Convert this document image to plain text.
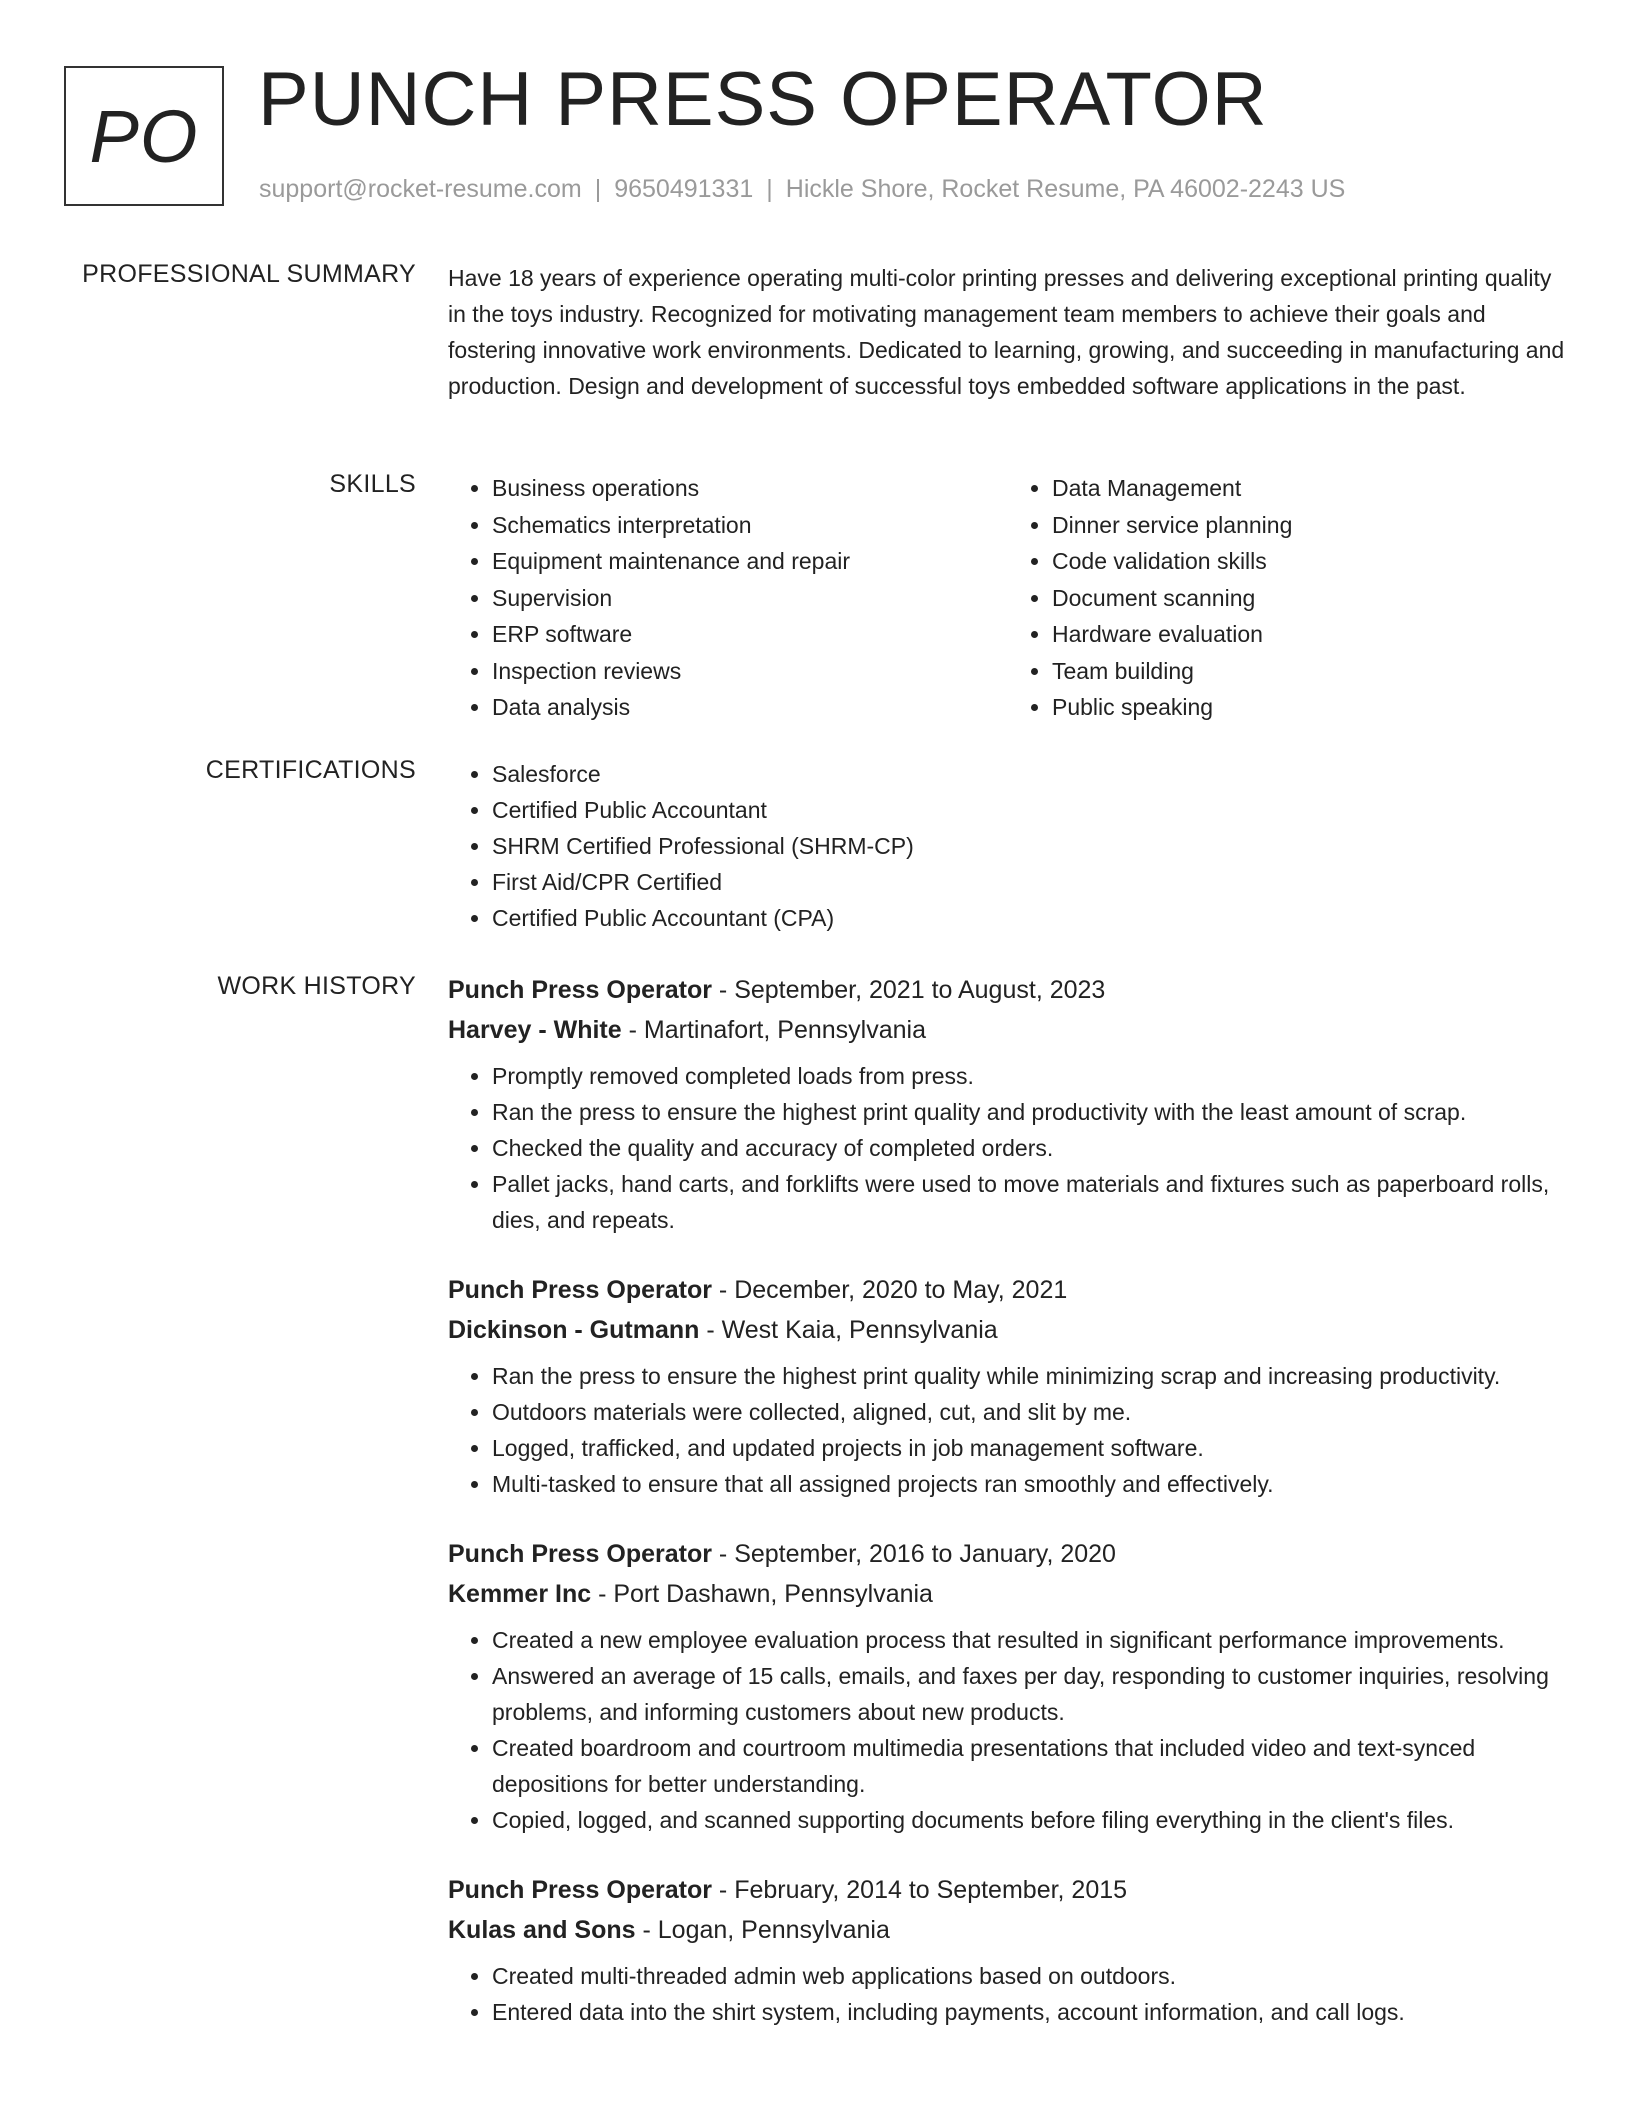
PO PUNCH PRESS OPERATOR
support@rocket-resume.com | 9650491331 | Hickle Shore, Rocket Resume, PA 46002-2243 US
PROFESSIONAL SUMMARY Have 18 years of experience operating multi-color printing presses and delivering exceptional printing quality in the toys industry. Recognized for motivating management team members to achieve their goals and fostering innovative work environments. Dedicated to learning, growing, and succeeding in manufacturing and production. Design and development of successful toys embedded software applications in the past.

SKILLS	• Business operations
• Schematics interpretation
• Equipment maintenance and repair
• Supervision
• ERP software
• Inspection reviews
• Data analysis
• Data Management
• Dinner service planning
• Code validation skills
• Document scanning
• Hardware evaluation
• Team building
• Public speaking
CERTIFICATIONS	• Salesforce
• Certified Public Accountant
• SHRM Certified Professional (SHRM-CP)
• First Aid/CPR Certified
• Certified Public Accountant (CPA)
WORK HISTORY Punch Press Operator - September, 2021 to August, 2023
Harvey - White - Martinafort, Pennsylvania
• Promptly removed completed loads from press.
• Ran the press to ensure the highest print quality and productivity with the least amount of scrap.
• Checked the quality and accuracy of completed orders.
• Pallet jacks, hand carts, and forklifts were used to move materials and fixtures such as paperboard rolls, dies, and repeats.
Punch Press Operator - December, 2020 to May, 2021
Dickinson - Gutmann - West Kaia, Pennsylvania
• Ran the press to ensure the highest print quality while minimizing scrap and increasing productivity.
• Outdoors materials were collected, aligned, cut, and slit by me.
• Logged, trafficked, and updated projects in job management software.
• Multi-tasked to ensure that all assigned projects ran smoothly and effectively.
Punch Press Operator - September, 2016 to January, 2020
Kemmer Inc - Port Dashawn, Pennsylvania
• Created a new employee evaluation process that resulted in significant performance improvements.
• Answered an average of 15 calls, emails, and faxes per day, responding to customer inquiries, resolving problems, and informing customers about new products.
• Created boardroom and courtroom multimedia presentations that included video and text-synced depositions for better understanding.
• Copied, logged, and scanned supporting documents before filing everything in the client's files.
Punch Press Operator - February, 2014 to September, 2015
Kulas and Sons - Logan, Pennsylvania
• Created multi-threaded admin web applications based on outdoors.
• Entered data into the shirt system, including payments, account information, and call logs.
